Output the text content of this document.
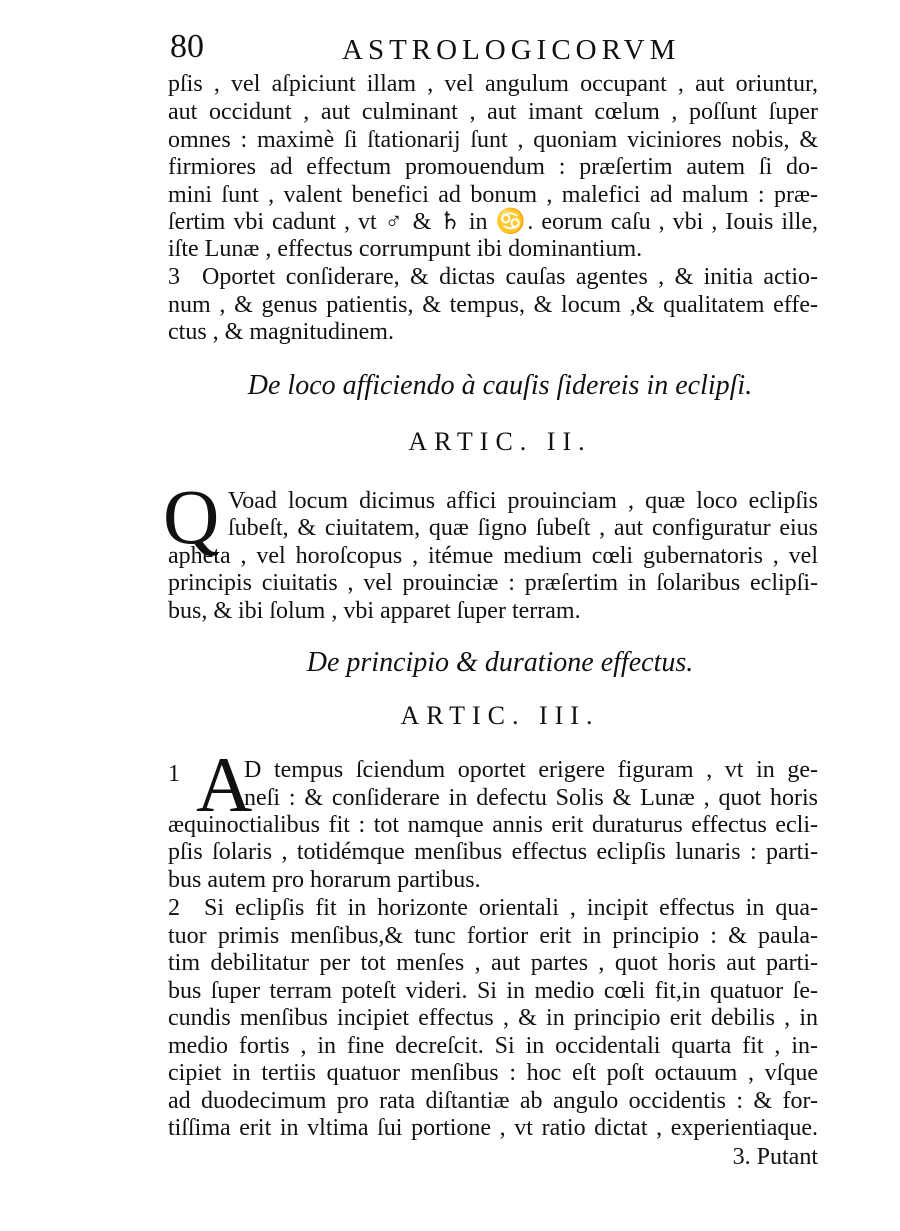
80	ASTROLOGICORVM
pſis , vel aſpiciunt illam , vel angulum occupant , aut oriuntur,
aut occidunt , aut culminant , aut imant cœlum , poſſunt ſuper
omnes : maximè ſi ſtationarij ſunt , quoniam viciniores nobis, &
firmiores ad effectum promouendum : præſertim autem ſi do-
mini ſunt , valent benefici ad bonum , malefici ad malum : præ-
ſertim vbi cadunt , vt ♂ & ♄ in ♋. eorum caſu , vbi , Iouis ille,
iſte Lunæ , effectus corrumpunt ibi dominantium.
3 Oportet conſiderare, & dictas cauſas agentes , & initia actio-
num , & genus patientis, & tempus, & locum ,& qualitatem effe-
ctus , & magnitudinem.
De loco afficiendo à cauſis ſidereis in eclipſi.
ARTIC. II.
Q Voad locum dicimus affici prouinciam , quæ loco eclipſis
ſubeſt, & ciuitatem, quæ ſigno ſubeſt , aut configuratur eius
apheta , vel horoſcopus , itémue medium cœli gubernatoris , vel
principis ciuitatis , vel prouinciæ : præſertim in ſolaribus eclipſi-
bus, & ibi ſolum , vbi apparet ſuper terram.
De principio & duratione effectus.
ARTIC. III.
1 A
D tempus ſciendum oportet erigere figuram , vt in ge-
neſi : & conſiderare in defectu Solis & Lunæ , quot horis
æquinoctialibus fit : tot namque annis erit duraturus effectus ecli-
pſis ſolaris , totidémque menſibus effectus eclipſis lunaris : parti-
bus autem pro horarum partibus.
2 Si eclipſis fit in horizonte orientali , incipit effectus in qua-
tuor primis menſibus,& tunc fortior erit in principio : & paula-
tim debilitatur per tot menſes , aut partes , quot horis aut parti-
bus ſuper terram poteſt videri. Si in medio cœli fit,in quatuor ſe-
cundis menſibus incipiet effectus , & in principio erit debilis , in
medio fortis , in fine decreſcit. Si in occidentali quarta fit , in-
cipiet in tertiis quatuor menſibus : hoc eſt poſt octauum , vſque
ad duodecimum pro rata diſtantiæ ab angulo occidentis : & for-
tiſſima erit in vltima ſui portione , vt ratio dictat , experientiaque.
3. Putant
